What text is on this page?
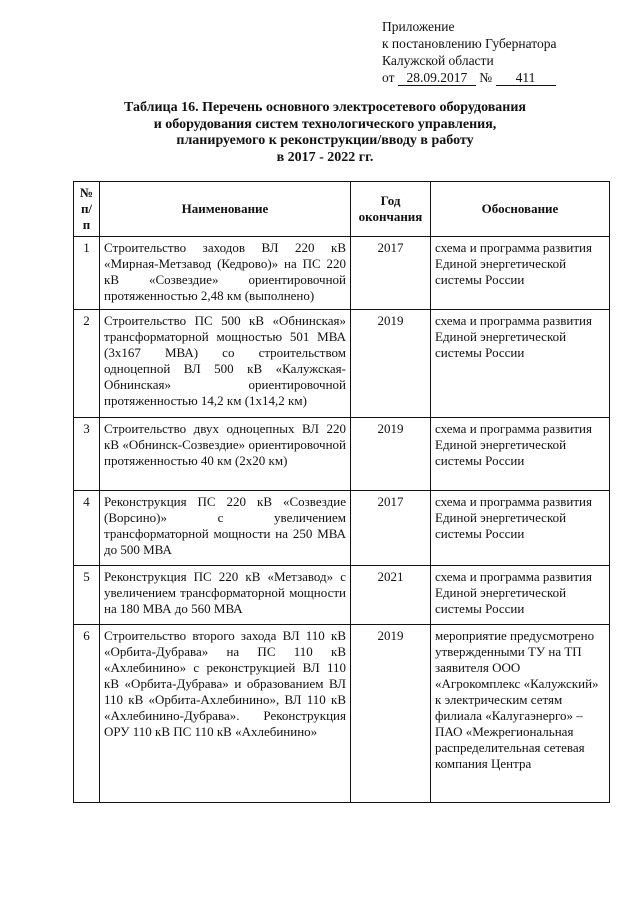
Приложение
к постановлению Губернатора
Калужской области
от 28.09.2017 № 411
Таблица 16. Перечень основного электросетевого оборудования
и оборудования систем технологического управления,
планируемого к реконструкции/вводу в работу
в 2017 - 2022 гг.
№ п/п	Наименование	Год окончания	Обоснование
1	Строительство заходов ВЛ 220 кВ «Мирная-Метзавод (Кедрово)» на ПС 220 кВ «Созвездие» ориентировочной протяженностью 2,48 км (выполнено)	2017	схема и программа развития Единой энергетической системы России
2	Строительство ПС 500 кВ «Обнинская» трансформаторной мощностью 501 МВА (3х167 МВА) со строительством одноцепной ВЛ 500 кВ «Калужская-Обнинская» ориентировочной протяженностью 14,2 км (1х14,2 км)	2019	схема и программа развития Единой энергетической системы России
3	Строительство двух одноцепных ВЛ 220 кВ «Обнинск-Созвездие» ориентировочной протяженностью 40 км (2х20 км)	2019	схема и программа развития Единой энергетической системы России
4	Реконструкция ПС 220 кВ «Созвездие (Ворсино)» с увеличением трансформаторной мощности на 250 МВА до 500 МВА	2017	схема и программа развития Единой энергетической системы России
5	Реконструкция ПС 220 кВ «Метзавод» с увеличением трансформаторной мощности на 180 МВА до 560 МВА	2021	схема и программа развития Единой энергетической системы России
6	Строительство второго захода ВЛ 110 кВ «Орбита-Дубрава» на ПС 110 кВ «Ахлебинино» с реконструкцией ВЛ 110 кВ «Орбита-Дубрава» и образованием ВЛ 110 кВ «Орбита-Ахлебинино», ВЛ 110 кВ «Ахлебинино-Дубрава». Реконструкция ОРУ 110 кВ ПС 110 кВ «Ахлебинино»	2019	мероприятие предусмотрено утвержденными ТУ на ТП заявителя ООО «Агрокомплекс «Калужский» к электрическим сетям филиала «Калугаэнерго» – ПАО «Межрегиональная распределительная сетевая компания Центра
